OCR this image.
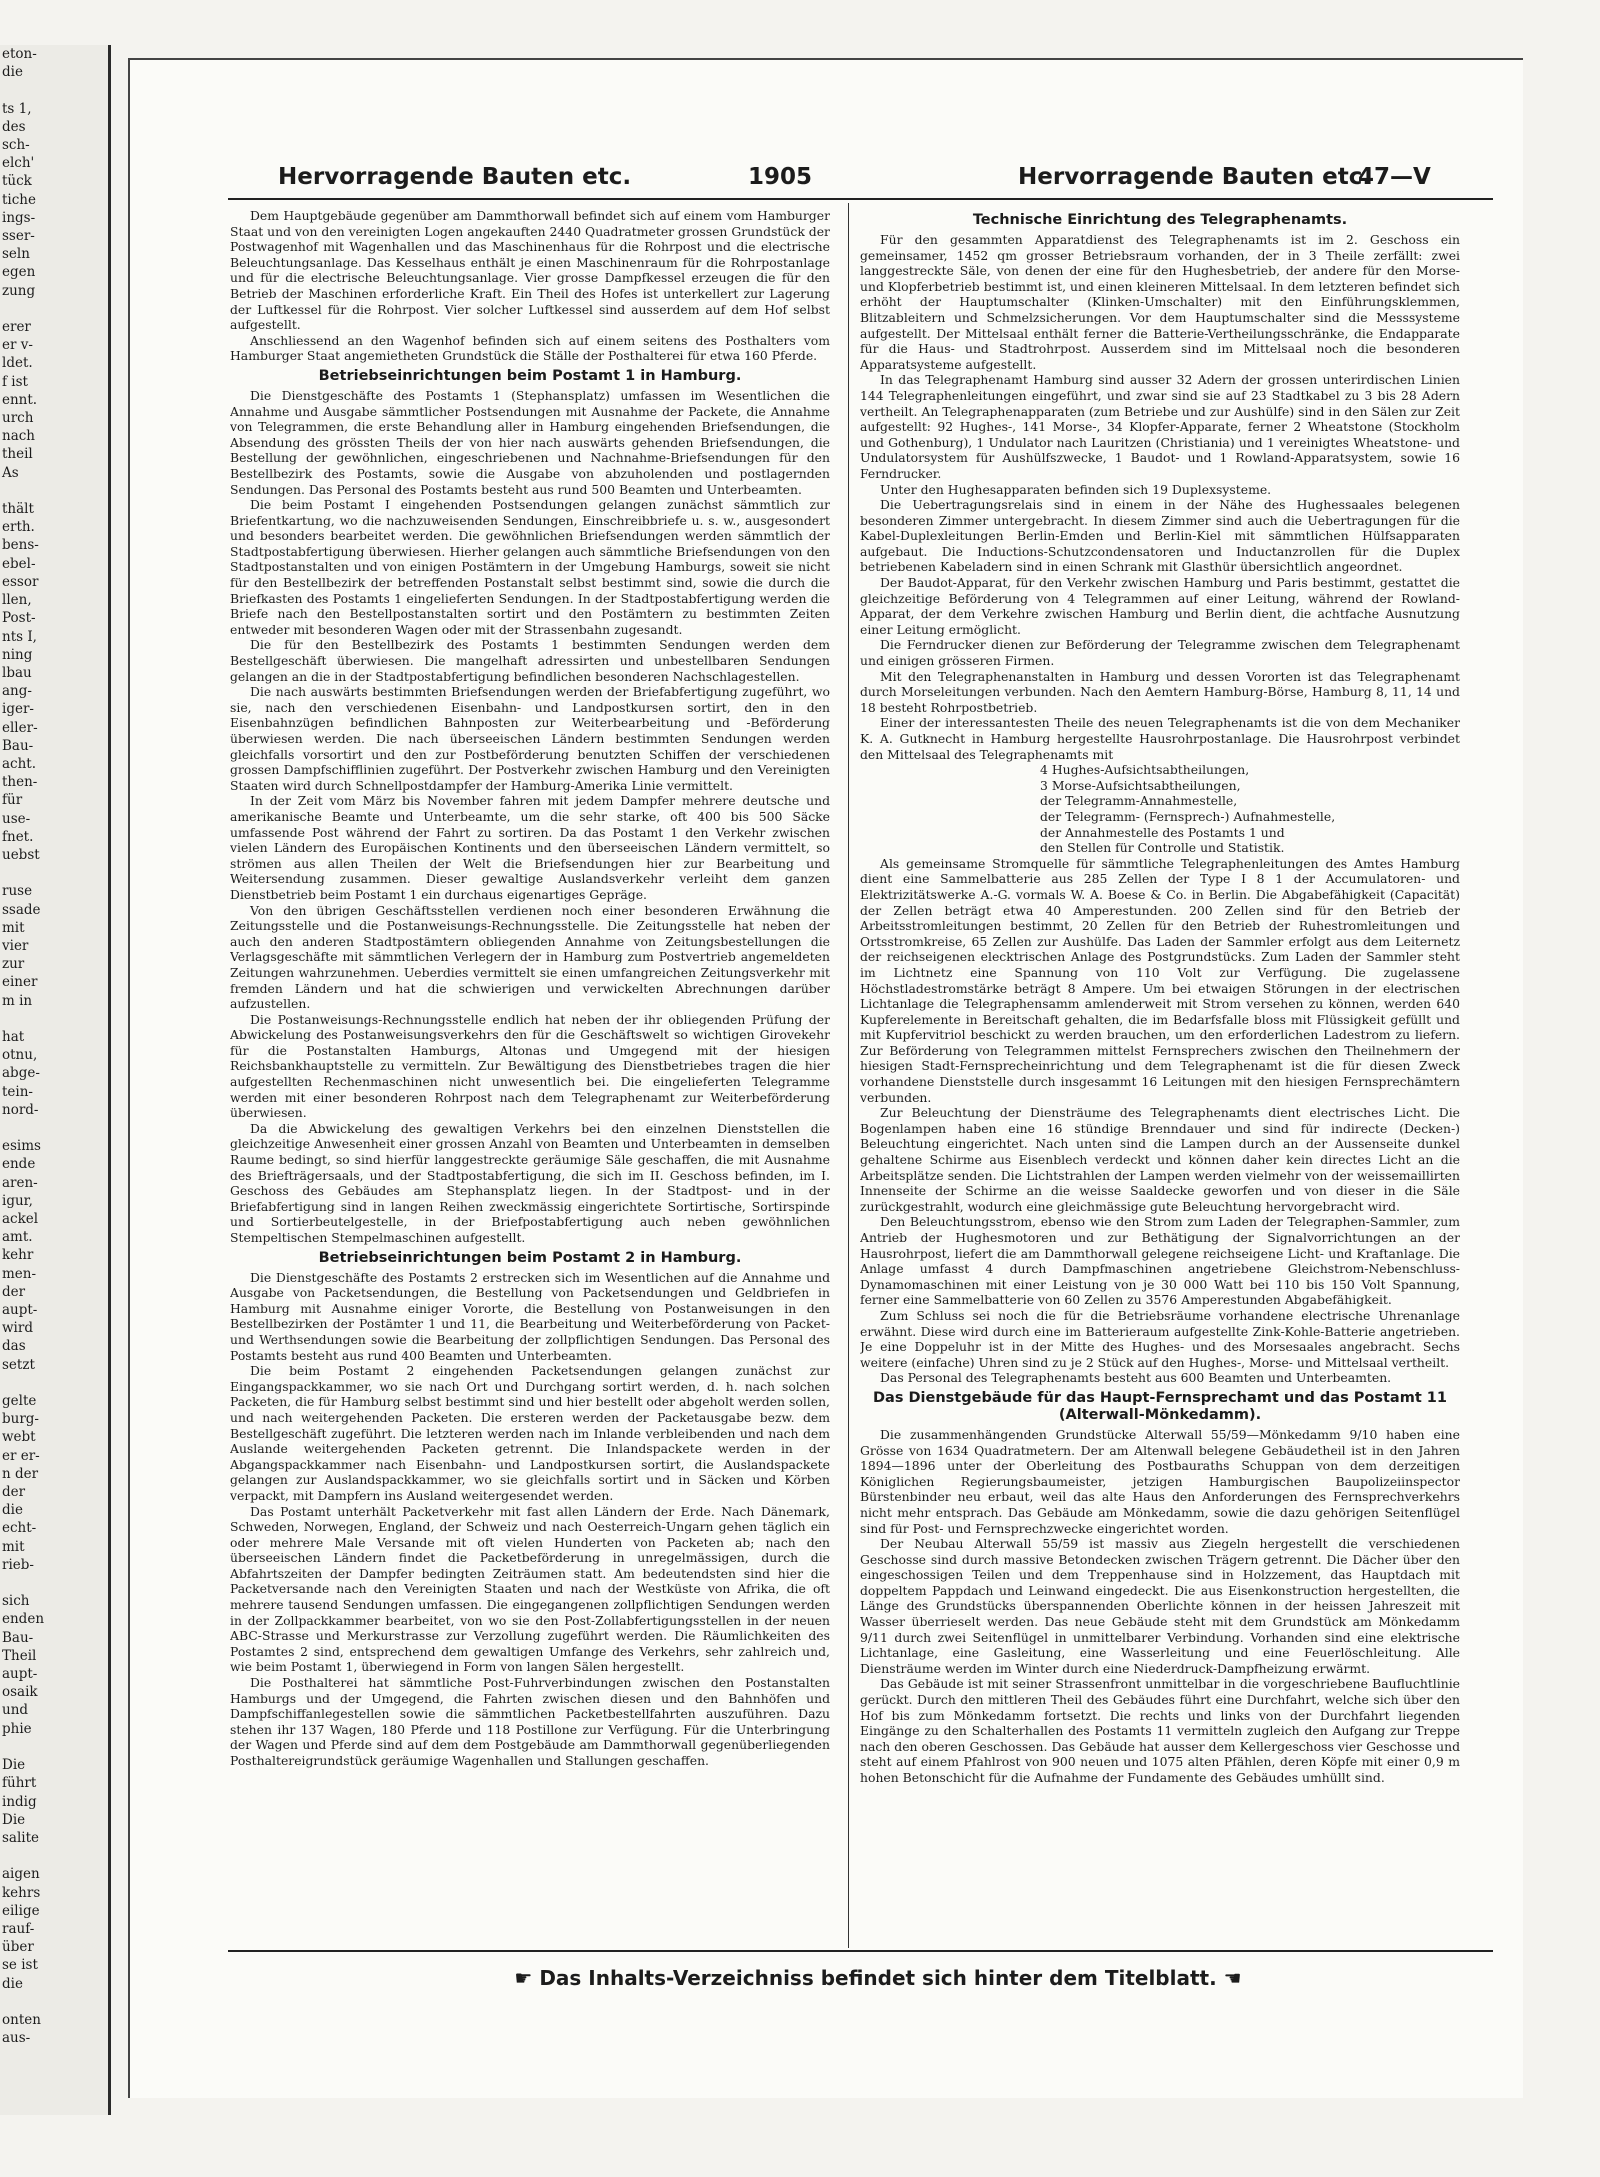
eton-
die

ts 1,
des
sch-
elch'
tück
tiche
ings-
sser-
seln
egen
zung

erer
er v-
ldet.
f ist
ennt.
urch
nach
theil
As

thält
erth.
bens-
ebel-
essor
llen,
Post-
nts I,
ning
lbau
ang-
iger-
eller-
Bau-
acht.
then-
für
use-
fnet.
uebst

ruse
ssade
mit
vier
zur
einer
m in

hat
otnu,
abge-
tein-
nord-

esims
ende
aren-
igur,
ackel
amt.
kehr
men-
der
aupt-
wird
das
setzt

gelte
burg-
webt
er er-
n der
der
die
echt-
mit
rieb-

sich
enden
Bau-
Theil
aupt-
osaik
und
phie

Die
führt
indig
Die
salite

aigen
kehrs
eilige
rauf-
über
se ist
die

onten
aus-
Hervorragende Bauten etc.	1905	Hervorragende Bauten etc.
47—V

Dem Hauptgebäude gegenüber am Dammthorwall befindet sich auf einem vom Hamburger Staat und von den vereinigten Logen angekauften 2440 Quadratmeter grossen Grundstück der Postwagenhof mit Wagenhallen und das Maschinenhaus für die Rohrpost und die electrische Beleuchtungsanlage. Das Kesselhaus enthält je einen Maschinenraum für die Rohrpostanlage und für die electrische Beleuchtungsanlage. Vier grosse Dampfkessel erzeugen die für den Betrieb der Maschinen erforderliche Kraft. Ein Theil des Hofes ist unterkellert zur Lagerung der Luftkessel für die Rohrpost. Vier solcher Luftkessel sind ausserdem auf dem Hof selbst aufgestellt.

Anschliessend an den Wagenhof befinden sich auf einem seitens des Posthalters vom Hamburger Staat angemietheten Grundstück die Ställe der Posthalterei für etwa 160 Pferde.

Betriebseinrichtungen beim Postamt 1 in Hamburg.

Die Dienstgeschäfte des Postamts 1 (Stephansplatz) umfassen im Wesentlichen die Annahme und Ausgabe sämmtlicher Postsendungen mit Ausnahme der Packete, die Annahme von Telegrammen, die erste Behandlung aller in Hamburg eingehenden Briefsendungen, die Absendung des grössten Theils der von hier nach auswärts gehenden Briefsendungen, die Bestellung der gewöhnlichen, eingeschriebenen und Nachnahme-Briefsendungen für den Bestellbezirk des Postamts, sowie die Ausgabe von abzuholenden und postlagernden Sendungen. Das Personal des Postamts besteht aus rund 500 Beamten und Unterbeamten.

Die beim Postamt I eingehenden Postsendungen gelangen zunächst sämmtlich zur Briefentkartung, wo die nachzuweisenden Sendungen, Einschreibbriefe u. s. w., ausgesondert und besonders bearbeitet werden. Die gewöhnlichen Briefsendungen werden sämmtlich der Stadtpostabfertigung überwiesen. Hierher gelangen auch sämmtliche Briefsendungen von den Stadtpostanstalten und von einigen Postämtern in der Umgebung Hamburgs, soweit sie nicht für den Bestellbezirk der betreffenden Postanstalt selbst bestimmt sind, sowie die durch die Briefkasten des Postamts 1 eingelieferten Sendungen. In der Stadtpostabfertigung werden die Briefe nach den Bestellpostanstalten sortirt und den Postämtern zu bestimmten Zeiten entweder mit besonderen Wagen oder mit der Strassenbahn zugesandt.

Die für den Bestellbezirk des Postamts 1 bestimmten Sendungen werden dem Bestellgeschäft überwiesen. Die mangelhaft adressirten und unbestellbaren Sendungen gelangen an die in der Stadtpostabfertigung befindlichen besonderen Nachschlagestellen.

Die nach auswärts bestimmten Briefsendungen werden der Briefabfertigung zugeführt, wo sie, nach den verschiedenen Eisenbahn- und Landpostkursen sortirt, den in den Eisenbahnzügen befindlichen Bahnposten zur Weiterbearbeitung und -Beförderung überwiesen werden. Die nach überseeischen Ländern bestimmten Sendungen werden gleichfalls vorsortirt und den zur Postbeförderung benutzten Schiffen der verschiedenen grossen Dampfschifflinien zugeführt. Der Postverkehr zwischen Hamburg und den Vereinigten Staaten wird durch Schnellpostdampfer der Hamburg-Amerika Linie vermittelt.

In der Zeit vom März bis November fahren mit jedem Dampfer mehrere deutsche und amerikanische Beamte und Unterbeamte, um die sehr starke, oft 400 bis 500 Säcke umfassende Post während der Fahrt zu sortiren. Da das Postamt 1 den Verkehr zwischen vielen Ländern des Europäischen Kontinents und den überseeischen Ländern vermittelt, so strömen aus allen Theilen der Welt die Briefsendungen hier zur Bearbeitung und Weitersendung zusammen. Dieser gewaltige Auslandsverkehr verleiht dem ganzen Dienstbetrieb beim Postamt 1 ein durchaus eigenartiges Gepräge.

Von den übrigen Geschäftsstellen verdienen noch einer besonderen Erwähnung die Zeitungsstelle und die Postanweisungs-Rechnungsstelle. Die Zeitungsstelle hat neben der auch den anderen Stadtpostämtern obliegenden Annahme von Zeitungsbestellungen die Verlagsgeschäfte mit sämmtlichen Verlegern der in Hamburg zum Postvertrieb angemeldeten Zeitungen wahrzunehmen. Ueberdies vermittelt sie einen umfangreichen Zeitungsverkehr mit fremden Ländern und hat die schwierigen und verwickelten Abrechnungen darüber aufzustellen.

Die Postanweisungs-Rechnungsstelle endlich hat neben der ihr obliegenden Prüfung der Abwickelung des Postanweisungsverkehrs den für die Geschäftswelt so wichtigen Girovekehr für die Postanstalten Hamburgs, Altonas und Umgegend mit der hiesigen Reichsbankhauptstelle zu vermitteln. Zur Bewältigung des Dienstbetriebes tragen die hier aufgestellten Rechenmaschinen nicht unwesentlich bei. Die eingelieferten Telegramme werden mit einer besonderen Rohrpost nach dem Telegraphenamt zur Weiterbeförderung überwiesen.

Da die Abwickelung des gewaltigen Verkehrs bei den einzelnen Dienststellen die gleichzeitige Anwesenheit einer grossen Anzahl von Beamten und Unterbeamten in demselben Raume bedingt, so sind hierfür langgestreckte geräumige Säle geschaffen, die mit Ausnahme des Briefträgersaals, und der Stadtpostabfertigung, die sich im II. Geschoss befinden, im I. Geschoss des Gebäudes am Stephansplatz liegen. In der Stadtpost- und in der Briefabfertigung sind in langen Reihen zweckmässig eingerichtete Sortirtische, Sortirspinde und Sortierbeutelgestelle, in der Briefpostabfertigung auch neben gewöhnlichen Stempeltischen Stempelmaschinen aufgestellt.

Betriebseinrichtungen beim Postamt 2 in Hamburg.

Die Dienstgeschäfte des Postamts 2 erstrecken sich im Wesentlichen auf die Annahme und Ausgabe von Packetsendungen, die Bestellung von Packetsendungen und Geldbriefen in Hamburg mit Ausnahme einiger Vororte, die Bestellung von Postanweisungen in den Bestellbezirken der Postämter 1 und 11, die Bearbeitung und Weiterbeförderung von Packet- und Werthsendungen sowie die Bearbeitung der zollpflichtigen Sendungen. Das Personal des Postamts besteht aus rund 400 Beamten und Unterbeamten.

Die beim Postamt 2 eingehenden Packetsendungen gelangen zunächst zur Eingangspackkammer, wo sie nach Ort und Durchgang sortirt werden, d. h. nach solchen Packeten, die für Hamburg selbst bestimmt sind und hier bestellt oder abgeholt werden sollen, und nach weitergehenden Packeten. Die ersteren werden der Packetausgabe bezw. dem Bestellgeschäft zugeführt. Die letzteren werden nach im Inlande verbleibenden und nach dem Auslande weitergehenden Packeten getrennt. Die Inlandspackete werden in der Abgangspackkammer nach Eisenbahn- und Landpostkursen sortirt, die Auslandspackete gelangen zur Auslandspackkammer, wo sie gleichfalls sortirt und in Säcken und Körben verpackt, mit Dampfern ins Ausland weitergesendet werden.

Das Postamt unterhält Packetverkehr mit fast allen Ländern der Erde. Nach Dänemark, Schweden, Norwegen, England, der Schweiz und nach Oesterreich-Ungarn gehen täglich ein oder mehrere Male Versande mit oft vielen Hunderten von Packeten ab; nach den überseeischen Ländern findet die Packetbeförderung in unregelmässigen, durch die Abfahrtszeiten der Dampfer bedingten Zeiträumen statt. Am bedeutendsten sind hier die Packetversande nach den Vereinigten Staaten und nach der Westküste von Afrika, die oft mehrere tausend Sendungen umfassen. Die eingegangenen zollpflichtigen Sendungen werden in der Zollpackkammer bearbeitet, von wo sie den Post-Zollabfertigungsstellen in der neuen ABC-Strasse und Merkurstrasse zur Verzollung zugeführt werden. Die Räumlichkeiten des Postamtes 2 sind, entsprechend dem gewaltigen Umfange des Verkehrs, sehr zahlreich und, wie beim Postamt 1, überwiegend in Form von langen Sälen hergestellt.

Die Posthalterei hat sämmtliche Post-Fuhrverbindungen zwischen den Postanstalten Hamburgs und der Umgegend, die Fahrten zwischen diesen und den Bahnhöfen und Dampfschiffanlegestellen sowie die sämmtlichen Packetbestellfahrten auszuführen. Dazu stehen ihr 137 Wagen, 180 Pferde und 118 Postillone zur Verfügung. Für die Unterbringung der Wagen und Pferde sind auf dem dem Postgebäude am Dammthorwall gegenüberliegenden Posthaltereigrundstück geräumige Wagenhallen und Stallungen geschaffen.

Technische Einrichtung des Telegraphenamts.

Für den gesammten Apparatdienst des Telegraphenamts ist im 2. Geschoss ein gemeinsamer, 1452 qm grosser Betriebsraum vorhanden, der in 3 Theile zerfällt: zwei langgestreckte Säle, von denen der eine für den Hughesbetrieb, der andere für den Morse- und Klopferbetrieb bestimmt ist, und einen kleineren Mittelsaal. In dem letzteren befindet sich erhöht der Hauptumschalter (Klinken-Umschalter) mit den Einführungsklemmen, Blitzableitern und Schmelzsicherungen. Vor dem Hauptumschalter sind die Messsysteme aufgestellt. Der Mittelsaal enthält ferner die Batterie-Vertheilungsschränke, die Endapparate für die Haus- und Stadtrohrpost. Ausserdem sind im Mittelsaal noch die besonderen Apparatsysteme aufgestellt.

In das Telegraphenamt Hamburg sind ausser 32 Adern der grossen unterirdischen Linien 144 Telegraphenleitungen eingeführt, und zwar sind sie auf 23 Stadtkabel zu 3 bis 28 Adern vertheilt. An Telegraphenapparaten (zum Betriebe und zur Aushülfe) sind in den Sälen zur Zeit aufgestellt: 92 Hughes-, 141 Morse-, 34 Klopfer-Apparate, ferner 2 Wheatstone (Stockholm und Gothenburg), 1 Undulator nach Lauritzen (Christiania) und 1 vereinigtes Wheatstone- und Undulatorsystem für Aushülfszwecke, 1 Baudot- und 1 Rowland-Apparatsystem, sowie 16 Ferndrucker.

Unter den Hughesapparaten befinden sich 19 Duplexsysteme.

Die Uebertragungsrelais sind in einem in der Nähe des Hughessaales belegenen besonderen Zimmer untergebracht. In diesem Zimmer sind auch die Uebertragungen für die Kabel-Duplexleitungen Berlin-Emden und Berlin-Kiel mit sämmtlichen Hülfsapparaten aufgebaut. Die Inductions-Schutzcondensatoren und Inductanzrollen für die Duplex betriebenen Kabeladern sind in einen Schrank mit Glasthür übersichtlich angeordnet.

Der Baudot-Apparat, für den Verkehr zwischen Hamburg und Paris bestimmt, gestattet die gleichzeitige Beförderung von 4 Telegrammen auf einer Leitung, während der Rowland-Apparat, der dem Verkehre zwischen Hamburg und Berlin dient, die achtfache Ausnutzung einer Leitung ermöglicht.

Die Ferndrucker dienen zur Beförderung der Telegramme zwischen dem Telegraphenamt und einigen grösseren Firmen.

Mit den Telegraphenanstalten in Hamburg und dessen Vororten ist das Telegraphenamt durch Morseleitungen verbunden. Nach den Aemtern Hamburg-Börse, Hamburg 8, 11, 14 und 18 besteht Rohrpostbetrieb.

Einer der interessantesten Theile des neuen Telegraphenamts ist die von dem Mechaniker K. A. Gutknecht in Hamburg hergestellte Hausrohrpostanlage. Die Hausrohrpost verbindet den Mittelsaal des Telegraphenamts mit

4 Hughes-Aufsichtsabtheilungen,
3 Morse-Aufsichtsabtheilungen,
der Telegramm-Annahmestelle,
der Telegramm- (Fernsprech-) Aufnahmestelle,
der Annahmestelle des Postamts 1 und
den Stellen für Controlle und Statistik.

Als gemeinsame Stromquelle für sämmtliche Telegraphenleitungen des Amtes Hamburg dient eine Sammelbatterie aus 285 Zellen der Type I 8 1 der Accumulatoren- und Elektrizitätswerke A.-G. vormals W. A. Boese & Co. in Berlin. Die Abgabefähigkeit (Capacität) der Zellen beträgt etwa 40 Amperestunden. 200 Zellen sind für den Betrieb der Arbeitsstromleitungen bestimmt, 20 Zellen für den Betrieb der Ruhestromleitungen und Ortsstromkreise, 65 Zellen zur Aushülfe. Das Laden der Sammler erfolgt aus dem Leiternetz der reichseigenen elecktrischen Anlage des Postgrundstücks. Zum Laden der Sammler steht im Lichtnetz eine Spannung von 110 Volt zur Verfügung. Die zugelassene Höchstladestromstärke beträgt 8 Ampere. Um bei etwaigen Störungen in der electrischen Lichtanlage die Telegraphensamm amlenderweit mit Strom versehen zu können, werden 640 Kupferelemente in Bereitschaft gehalten, die im Bedarfsfalle bloss mit Flüssigkeit gefüllt und mit Kupfervitriol beschickt zu werden brauchen, um den erforderlichen Ladestrom zu liefern. Zur Beförderung von Telegrammen mittelst Fernsprechers zwischen den Theilnehmern der hiesigen Stadt-Fernsprecheinrichtung und dem Telegraphenamt ist die für diesen Zweck vorhandene Dienststelle durch insgesammt 16 Leitungen mit den hiesigen Fernsprechämtern verbunden.

Zur Beleuchtung der Diensträume des Telegraphenamts dient electrisches Licht. Die Bogenlampen haben eine 16 stündige Brenndauer und sind für indirecte (Decken-) Beleuchtung eingerichtet. Nach unten sind die Lampen durch an der Aussenseite dunkel gehaltene Schirme aus Eisenblech verdeckt und können daher kein directes Licht an die Arbeitsplätze senden. Die Lichtstrahlen der Lampen werden vielmehr von der weissemaillirten Innenseite der Schirme an die weisse Saaldecke geworfen und von dieser in die Säle zurückgestrahlt, wodurch eine gleichmässige gute Beleuchtung hervorgebracht wird.

Den Beleuchtungsstrom, ebenso wie den Strom zum Laden der Telegraphen-Sammler, zum Antrieb der Hughesmotoren und zur Bethätigung der Signalvorrichtungen an der Hausrohrpost, liefert die am Dammthorwall gelegene reichseigene Licht- und Kraftanlage. Die Anlage umfasst 4 durch Dampfmaschinen angetriebene Gleichstrom-Nebenschluss-Dynamomaschinen mit einer Leistung von je 30 000 Watt bei 110 bis 150 Volt Spannung, ferner eine Sammelbatterie von 60 Zellen zu 3576 Amperestunden Abgabefähigkeit.

Zum Schluss sei noch die für die Betriebsräume vorhandene electrische Uhrenanlage erwähnt. Diese wird durch eine im Batterieraum aufgestellte Zink-Kohle-Batterie angetrieben. Je eine Doppeluhr ist in der Mitte des Hughes- und des Morsesaales angebracht. Sechs weitere (einfache) Uhren sind zu je 2 Stück auf den Hughes-, Morse- und Mittelsaal vertheilt.

Das Personal des Telegraphenamts besteht aus 600 Beamten und Unterbeamten.

Das Dienstgebäude für das Haupt-Fernsprechamt und das Postamt 11 (Alterwall-Mönkedamm).

Die zusammenhängenden Grundstücke Alterwall 55/59—Mönkedamm 9/10 haben eine Grösse von 1634 Quadratmetern. Der am Altenwall belegene Gebäudetheil ist in den Jahren 1894—1896 unter der Oberleitung des Postbauraths Schuppan von dem derzeitigen Königlichen Regierungsbaumeister, jetzigen Hamburgischen Baupolizeiinspector Bürstenbinder neu erbaut, weil das alte Haus den Anforderungen des Fernsprechverkehrs nicht mehr entsprach. Das Gebäude am Mönkedamm, sowie die dazu gehörigen Seitenflügel sind für Post- und Fernsprechzwecke eingerichtet worden.

Der Neubau Alterwall 55/59 ist massiv aus Ziegeln hergestellt die verschiedenen Geschosse sind durch massive Betondecken zwischen Trägern getrennt. Die Dächer über den eingeschossigen Teilen und dem Treppenhause sind in Holzzement, das Hauptdach mit doppeltem Pappdach und Leinwand eingedeckt. Die aus Eisenkonstruction hergestellten, die Länge des Grundstücks überspannenden Oberlichte können in der heissen Jahreszeit mit Wasser überrieselt werden. Das neue Gebäude steht mit dem Grundstück am Mönkedamm 9/11 durch zwei Seitenflügel in unmittelbarer Verbindung. Vorhanden sind eine elektrische Lichtanlage, eine Gasleitung, eine Wasserleitung und eine Feuerlöschleitung. Alle Diensträume werden im Winter durch eine Niederdruck-Dampfheizung erwärmt.

Das Gebäude ist mit seiner Strassenfront unmittelbar in die vorgeschriebene Baufluchtlinie gerückt. Durch den mittleren Theil des Gebäudes führt eine Durchfahrt, welche sich über den Hof bis zum Mönkedamm fortsetzt. Die rechts und links von der Durchfahrt liegenden Eingänge zu den Schalterhallen des Postamts 11 vermitteln zugleich den Aufgang zur Treppe nach den oberen Geschossen. Das Gebäude hat ausser dem Kellergeschoss vier Geschosse und steht auf einem Pfahlrost von 900 neuen und 1075 alten Pfählen, deren Köpfe mit einer 0,9 m hohen Betonschicht für die Aufnahme der Fundamente des Gebäudes umhüllt sind.

☛ Das Inhalts-Verzeichniss befindet sich hinter dem Titelblatt. ☚
